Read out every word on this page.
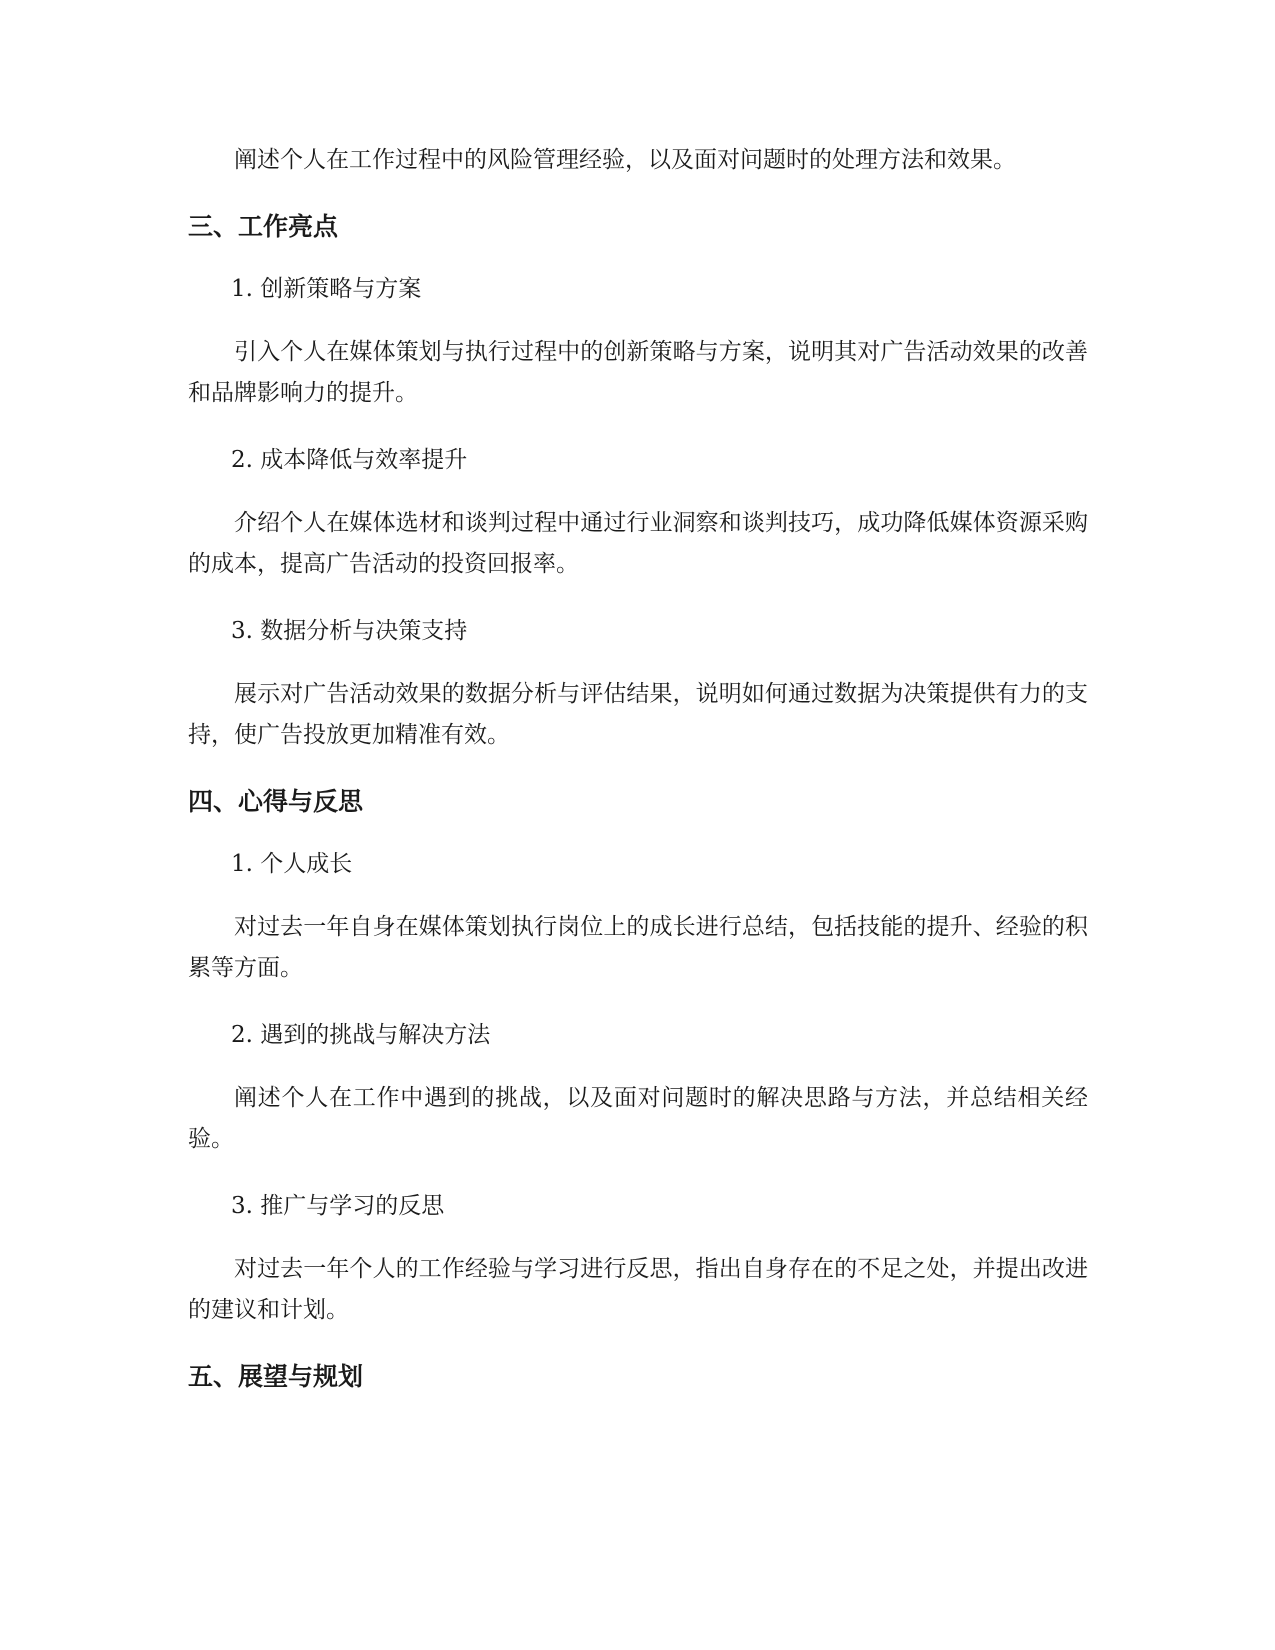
阐述个人在工作过程中的风险管理经验，以及面对问题时的处理方法和效果。

三、工作亮点
1. 创新策略与方案

引入个人在媒体策划与执行过程中的创新策略与方案，说明其对广告活动效果的改善和品牌影响力的提升。

2. 成本降低与效率提升

介绍个人在媒体选材和谈判过程中通过行业洞察和谈判技巧，成功降低媒体资源采购的成本，提高广告活动的投资回报率。

3. 数据分析与决策支持

展示对广告活动效果的数据分析与评估结果，说明如何通过数据为决策提供有力的支持，使广告投放更加精准有效。

四、心得与反思
1. 个人成长

对过去一年自身在媒体策划执行岗位上的成长进行总结，包括技能的提升、经验的积累等方面。

2. 遇到的挑战与解决方法

阐述个人在工作中遇到的挑战，以及面对问题时的解决思路与方法，并总结相关经验。

3. 推广与学习的反思

对过去一年个人的工作经验与学习进行反思，指出自身存在的不足之处，并提出改进的建议和计划。

五、展望与规划
